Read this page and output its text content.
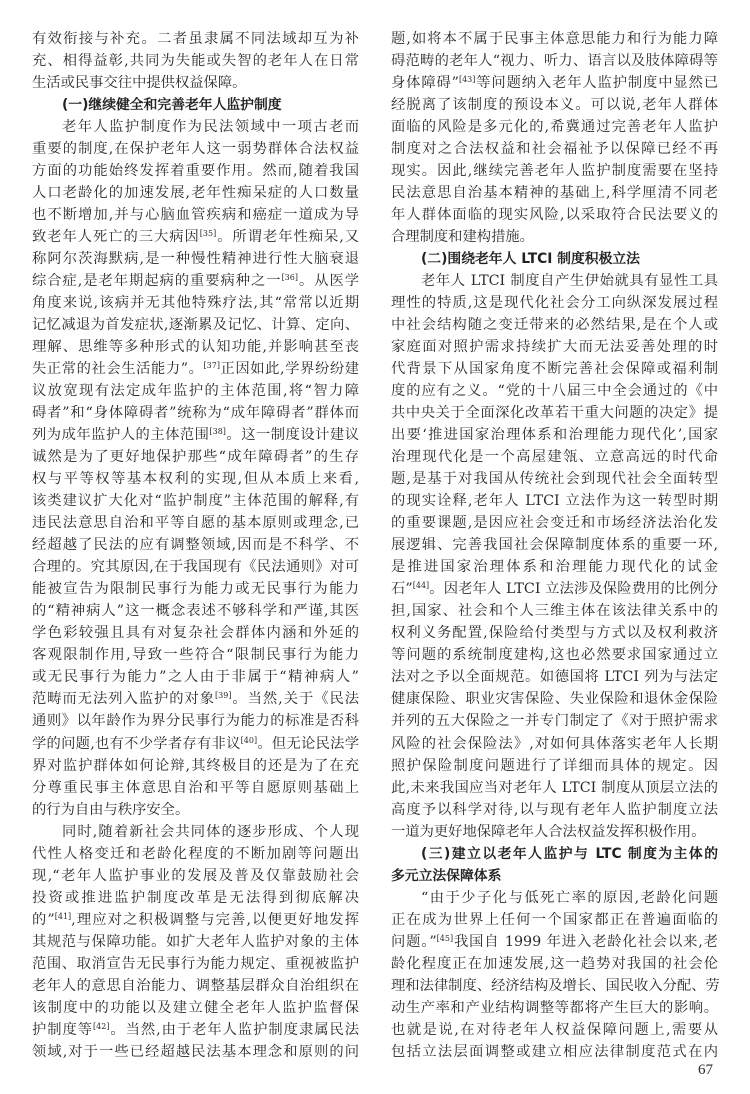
有效衔接与补充。二者虽隶属不同法域却互为补
充、相得益彰,共同为失能或失智的老年人在日常
生活或民事交往中提供权益保障。
(一)继续健全和完善老年人监护制度
老年人监护制度作为民法领域中一项古老而
重要的制度,在保护老年人这一弱势群体合法权益
方面的功能始终发挥着重要作用。然而,随着我国
人口老龄化的加速发展,老年性痴呆症的人口数量
也不断增加,并与心脑血管疾病和癌症一道成为导
致老年人死亡的三大病因[35]。所谓老年性痴呆,又
称阿尔茨海默病,是一种慢性精神进行性大脑衰退
综合症,是老年期起病的重要病种之一[36]。从医学
角度来说,该病并无其他特殊疗法,其“常常以近期
记忆减退为首发症状,逐渐累及记忆、计算、定向、
理解、思维等多种形式的认知功能,并影响甚至丧
失正常的社会生活能力”。[37]正因如此,学界纷纷建
议放宽现有法定成年监护的主体范围,将“智力障
碍者”和“身体障碍者”统称为“成年障碍者”群体而
列为成年监护人的主体范围[38]。这一制度设计建议
诚然是为了更好地保护那些“成年障碍者”的生存
权与平等权等基本权利的实现,但从本质上来看,
该类建议扩大化对“监护制度”主体范围的解释,有
违民法意思自治和平等自愿的基本原则或理念,已
经超越了民法的应有调整领域,因而是不科学、不
合理的。究其原因,在于我国现有《民法通则》对可
能被宣告为限制民事行为能力或无民事行为能力
的“精神病人”这一概念表述不够科学和严谨,其医
学色彩较强且具有对复杂社会群体内涵和外延的
客观限制作用,导致一些符合“限制民事行为能力
或无民事行为能力”之人由于非属于“精神病人”
范畴而无法列入监护的对象[39]。当然,关于《民法
通则》以年龄作为界分民事行为能力的标准是否科
学的问题,也有不少学者存有非议[40]。但无论民法学
界对监护群体如何论辩,其终极目的还是为了在充
分尊重民事主体意思自治和平等自愿原则基础上
的行为自由与秩序安全。
同时,随着新社会共同体的逐步形成、个人现
代性人格变迁和老龄化程度的不断加剧等问题出
现,“老年人监护事业的发展及普及仅靠鼓励社会
投资或推进监护制度改革是无法得到彻底解决
的”[41],理应对之积极调整与完善,以便更好地发挥
其规范与保障功能。如扩大老年人监护对象的主体
范围、取消宣告无民事行为能力规定、重视被监护
老年人的意思自治能力、调整基层群众自治组织在
该制度中的功能以及建立健全老年人监护监督保
护制度等[42]。当然,由于老年人监护制度隶属民法
领域,对于一些已经超越民法基本理念和原则的问
题,如将本不属于民事主体意思能力和行为能力障
碍范畴的老年人“视力、听力、语言以及肢体障碍等
身体障碍”[43]等问题纳入老年人监护制度中显然已
经脱离了该制度的预设本义。可以说,老年人群体
面临的风险是多元化的,希冀通过完善老年人监护
制度对之合法权益和社会福祉予以保障已经不再
现实。因此,继续完善老年人监护制度需要在坚持
民法意思自治基本精神的基础上,科学厘清不同老
年人群体面临的现实风险,以采取符合民法要义的
合理制度和建构措施。
(二)围绕老年人 LTCI 制度积极立法
老年人 LTCI 制度自产生伊始就具有显性工具
理性的特质,这是现代化社会分工向纵深发展过程
中社会结构随之变迁带来的必然结果,是在个人或
家庭面对照护需求持续扩大而无法妥善处理的时
代背景下从国家角度不断完善社会保障或福利制
度的应有之义。“党的十八届三中全会通过的《中
共中央关于全面深化改革若干重大问题的决定》提
出要‘推进国家治理体系和治理能力现代化’,国家
治理现代化是一个高屋建瓴、立意高远的时代命
题,是基于对我国从传统社会到现代社会全面转型
的现实诠释,老年人 LTCI 立法作为这一转型时期
的重要课题,是因应社会变迁和市场经济法治化发
展逻辑、完善我国社会保障制度体系的重要一环,
是推进国家治理体系和治理能力现代化的试金
石”[44]。因老年人 LTCI 立法涉及保险费用的比例分
担,国家、社会和个人三维主体在该法律关系中的
权利义务配置,保险给付类型与方式以及权利救济
等问题的系统制度建构,这也必然要求国家通过立
法对之予以全面规范。如德国将 LTCI 列为与法定
健康保险、职业灾害保险、失业保险和退休金保险
并列的五大保险之一并专门制定了《对于照护需求
风险的社会保险法》,对如何具体落实老年人长期
照护保险制度问题进行了详细而具体的规定。因
此,未来我国应当对老年人 LTCI 制度从顶层立法的
高度予以科学对待,以与现有老年人监护制度立法
一道为更好地保障老年人合法权益发挥积极作用。
(三)建立以老年人监护与 LTC 制度为主体的
多元立法保障体系
“由于少子化与低死亡率的原因,老龄化问题
正在成为世界上任何一个国家都正在普遍面临的
问题。”[45]我国自 1999 年进入老龄化社会以来,老
龄化程度正在加速发展,这一趋势对我国的社会伦
理和法律制度、经济结构及增长、国民收入分配、劳
动生产率和产业结构调整等都将产生巨大的影响。
也就是说,在对待老年人权益保障问题上,需要从
包括立法层面调整或建立相应法律制度范式在内
67
